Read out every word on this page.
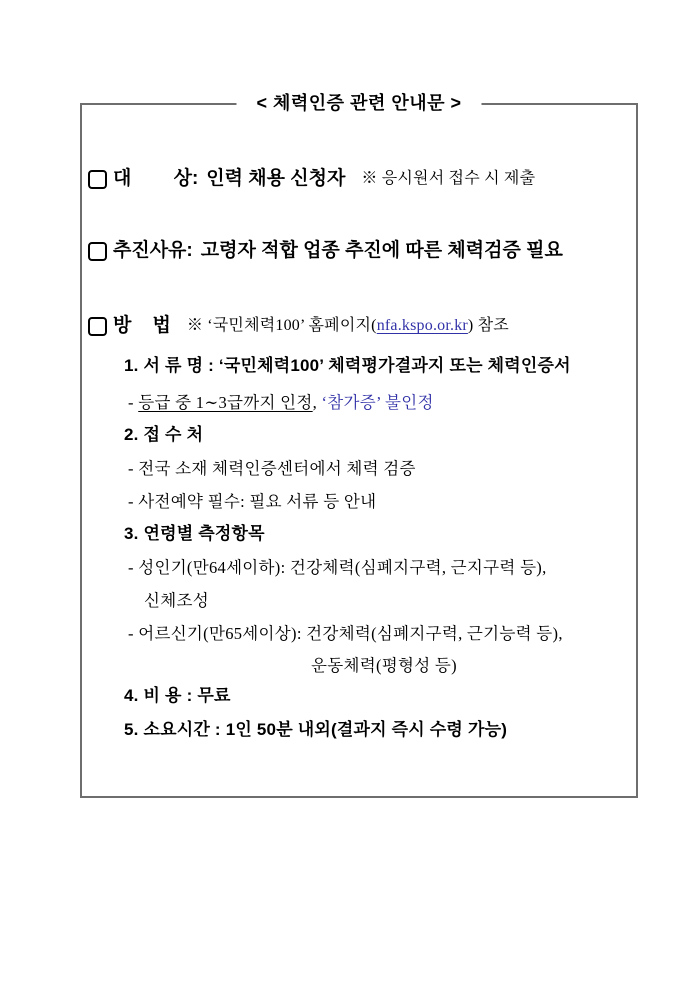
< 체력인증 관련 안내문 >
대        상: 인력 채용 신청자 ※ 응시원서 접수 시 제출
추진사유: 고령자 적합 업종 추진에 따른 체력검증 필요
방    법 ※ ‘국민체력100’ 홈페이지(nfa.kspo.or.kr) 참조
1. 서 류 명 : ‘국민체력100’ 체력평가결과지 또는 체력인증서
- 등급 중 1∼3급까지 인정, ‘참가증’ 불인정
2. 접 수 처
- 전국 소재 체력인증센터에서 체력 검증
- 사전예약 필수: 필요 서류 등 안내
3. 연령별 측정항목
- 성인기(만64세이하): 건강체력(심폐지구력, 근지구력 등),
신체조성
- 어르신기(만65세이상): 건강체력(심폐지구력, 근기능력 등),
운동체력(평형성 등)
4. 비 용 : 무료
5. 소요시간 : 1인 50분 내외(결과지 즉시 수령 가능)
